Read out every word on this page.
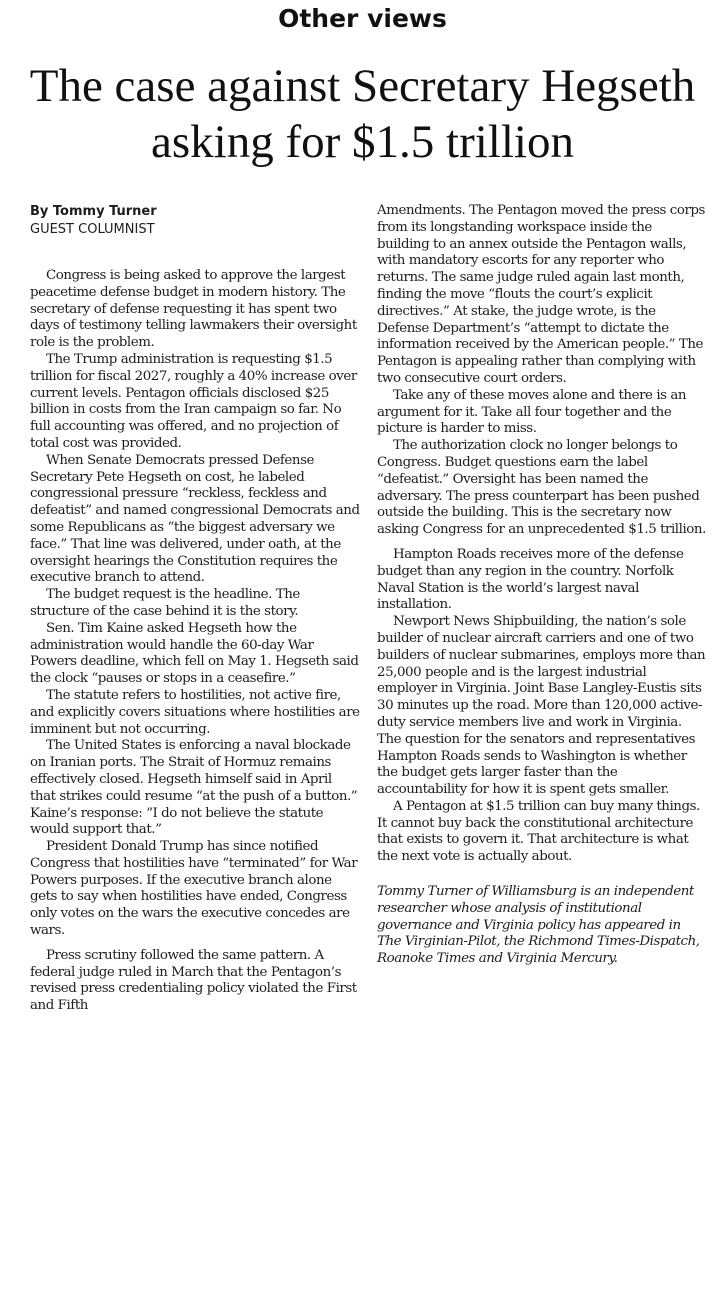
Other views
The case against Secretary Hegseth asking for $1.5 trillion
By Tommy Turner
GUEST COLUMNIST

Congress is being asked to approve the largest peacetime defense budget in modern history. The secretary of defense requesting it has spent two days of testimony telling lawmakers their oversight role is the problem.

The Trump administration is requesting $1.5 trillion for fiscal 2027, roughly a 40% increase over current levels. Pentagon officials disclosed $25 billion in costs from the Iran campaign so far. No full accounting was offered, and no projection of total cost was provided.

When Senate Democrats pressed Defense Secretary Pete Hegseth on cost, he labeled congressional pressure “reckless, feckless and defeatist” and named congressional Democrats and some Republicans as “the biggest adversary we face.” That line was delivered, under oath, at the oversight hearings the Constitution requires the executive branch to attend.

The budget request is the headline. The structure of the case behind it is the story.

Sen. Tim Kaine asked Hegseth how the administration would handle the 60-day War Powers deadline, which fell on May 1. Hegseth said the clock “pauses or stops in a ceasefire.”

The statute refers to hostilities, not active fire, and explicitly covers situations where hostilities are imminent but not occurring.

The United States is enforcing a naval blockade on Iranian ports. The Strait of Hormuz remains effectively closed. Hegseth himself said in April that strikes could resume “at the push of a button.” Kaine’s response: “I do not believe the statute would support that.”

President Donald Trump has since notified Congress that hostilities have “terminated” for War Powers purposes. If the executive branch alone gets to say when hostilities have ended, Congress only votes on the wars the executive concedes are wars.

Press scrutiny followed the same pattern. A federal judge ruled in March that the Pentagon’s revised press credentialing policy violated the First and Fifth

Amendments. The Pentagon moved the press corps from its longstanding workspace inside the building to an annex outside the Pentagon walls, with mandatory escorts for any reporter who returns. The same judge ruled again last month, finding the move “flouts the court’s explicit directives.” At stake, the judge wrote, is the Defense Department’s “attempt to dictate the information received by the American people.” The Pentagon is appealing rather than complying with two consecutive court orders.

Take any of these moves alone and there is an argument for it. Take all four together and the picture is harder to miss.

The authorization clock no longer belongs to Congress. Budget questions earn the label “defeatist.” Oversight has been named the adversary. The press counterpart has been pushed outside the building. This is the secretary now asking Congress for an unprecedented $1.5 trillion.

Hampton Roads receives more of the defense budget than any region in the country. Norfolk Naval Station is the world’s largest naval installation.

Newport News Shipbuilding, the nation’s sole builder of nuclear aircraft carriers and one of two builders of nuclear submarines, employs more than 25,000 people and is the largest industrial employer in Virginia. Joint Base Langley-Eustis sits 30 minutes up the road. More than 120,000 active-duty service members live and work in Virginia. The question for the senators and representatives Hampton Roads sends to Washington is whether the budget gets larger faster than the accountability for how it is spent gets smaller.

A Pentagon at $1.5 trillion can buy many things. It cannot buy back the constitutional architecture that exists to govern it. That architecture is what the next vote is actually about.

Tommy Turner of Williamsburg is an independent researcher whose analysis of institutional governance and Virginia policy has appeared in The Virginian-Pilot, the Richmond Times-Dispatch, Roanoke Times and Virginia Mercury.
